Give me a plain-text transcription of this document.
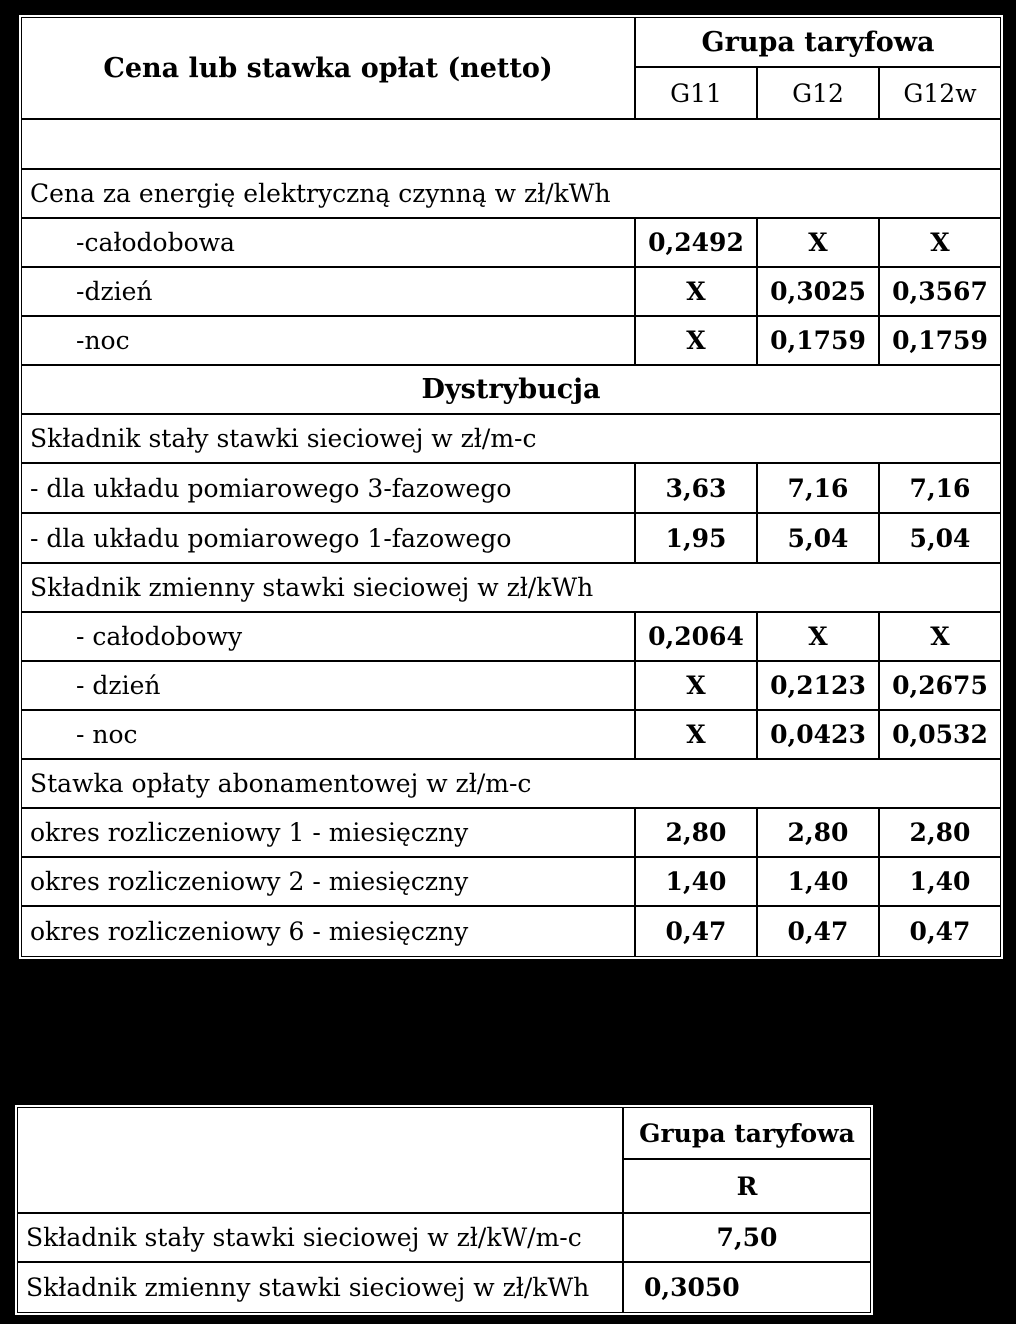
Cena lub stawka opłat (netto)
Grupa taryfowa
G11	G12	G12w
Cena za energię elektryczną czynną w zł/kWh
-całodobowa	0,2492	X	X
-dzień	X	0,3025	0,3567
-noc	X	0,1759	0,1759
Dystrybucja
Składnik stały stawki sieciowej w zł/m-c
- dla układu pomiarowego 3-fazowego	3,63	7,16	7,16
- dla układu pomiarowego 1-fazowego	1,95	5,04	5,04
Składnik zmienny stawki sieciowej w zł/kWh
- całodobowy	0,2064	X	X
- dzień	X	0,2123	0,2675
- noc	X	0,0423	0,0532
Stawka opłaty abonamentowej w zł/m-c
okres rozliczeniowy 1 - miesięczny	2,80	2,80	2,80
okres rozliczeniowy 2 - miesięczny	1,40	1,40	1,40
okres rozliczeniowy 6 - miesięczny	0,47	0,47	0,47
Grupa taryfowa
R
Składnik stały stawki sieciowej w zł/kW/m-c	7,50
Składnik zmienny stawki sieciowej w zł/kWh	0,3050
